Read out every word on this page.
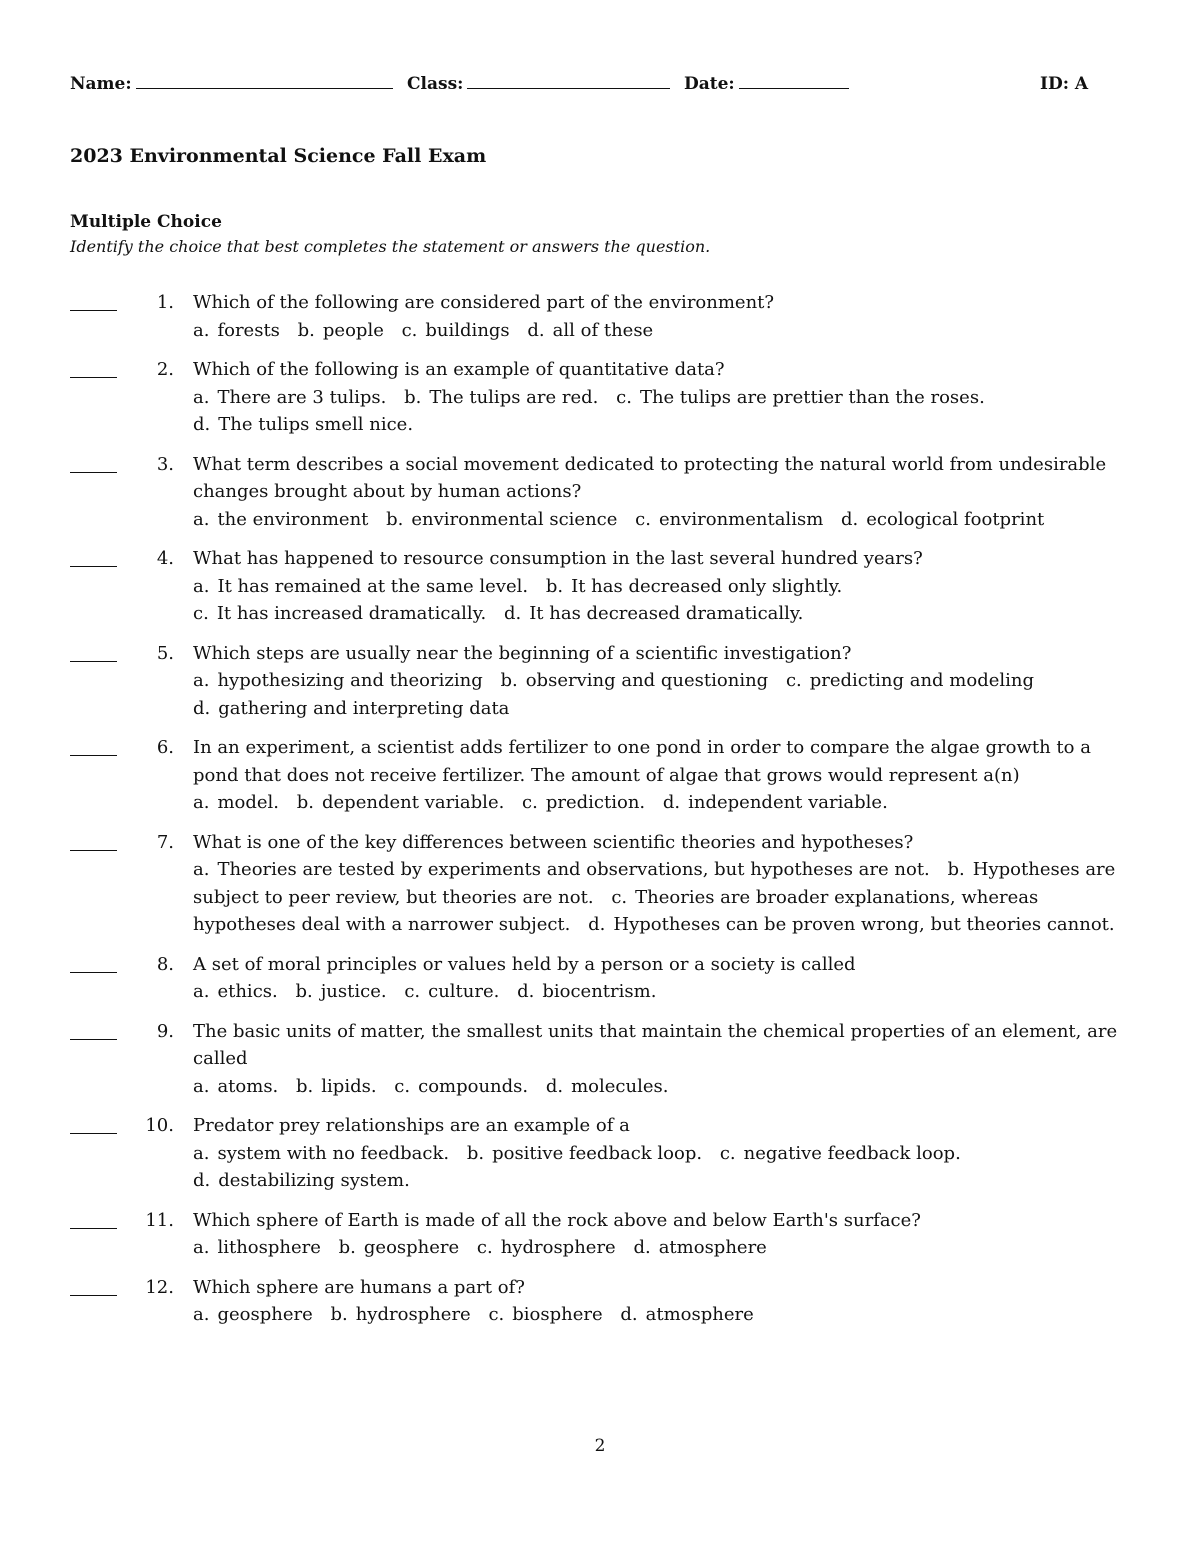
Name:	Class:	Date:	ID: A
2023 Environmental Science Fall Exam
Multiple Choice
Identify the choice that best completes the statement or answers the question.
1. Which of the following are considered part of the environment?
a. forests b. people c. buildings d. all of these
2. Which of the following is an example of quantitative data?
a. There are 3 tulips. b. The tulips are red. c. The tulips are prettier than the roses. d. The tulips smell nice.
3. What term describes a social movement dedicated to protecting the natural world from undesirable changes brought about by human actions?
a. the environment b. environmental science c. environmentalism d. ecological footprint
4. What has happened to resource consumption in the last several hundred years?
a. It has remained at the same level. b. It has decreased only slightly. c. It has increased dramatically. d. It has decreased dramatically.
5. Which steps are usually near the beginning of a scientific investigation?
a. hypothesizing and theorizing b. observing and questioning c. predicting and modeling d. gathering and interpreting data
6. In an experiment, a scientist adds fertilizer to one pond in order to compare the algae growth to a pond that does not receive fertilizer. The amount of algae that grows would represent a(n)
a. model. b. dependent variable. c. prediction. d. independent variable.
7. What is one of the key differences between scientific theories and hypotheses?
a. Theories are tested by experiments and observations, but hypotheses are not. b. Hypotheses are subject to peer review, but theories are not. c. Theories are broader explanations, whereas hypotheses deal with a narrower subject. d. Hypotheses can be proven wrong, but theories cannot.
8. A set of moral principles or values held by a person or a society is called
a. ethics. b. justice. c. culture. d. biocentrism.
9. The basic units of matter, the smallest units that maintain the chemical properties of an element, are called
a. atoms. b. lipids. c. compounds. d. molecules.
10. Predator prey relationships are an example of a
a. system with no feedback. b. positive feedback loop. c. negative feedback loop. d. destabilizing system.
11. Which sphere of Earth is made of all the rock above and below Earth's surface?
a. lithosphere b. geosphere c. hydrosphere d. atmosphere
12. Which sphere are humans a part of?
a. geosphere b. hydrosphere c. biosphere d. atmosphere
2
